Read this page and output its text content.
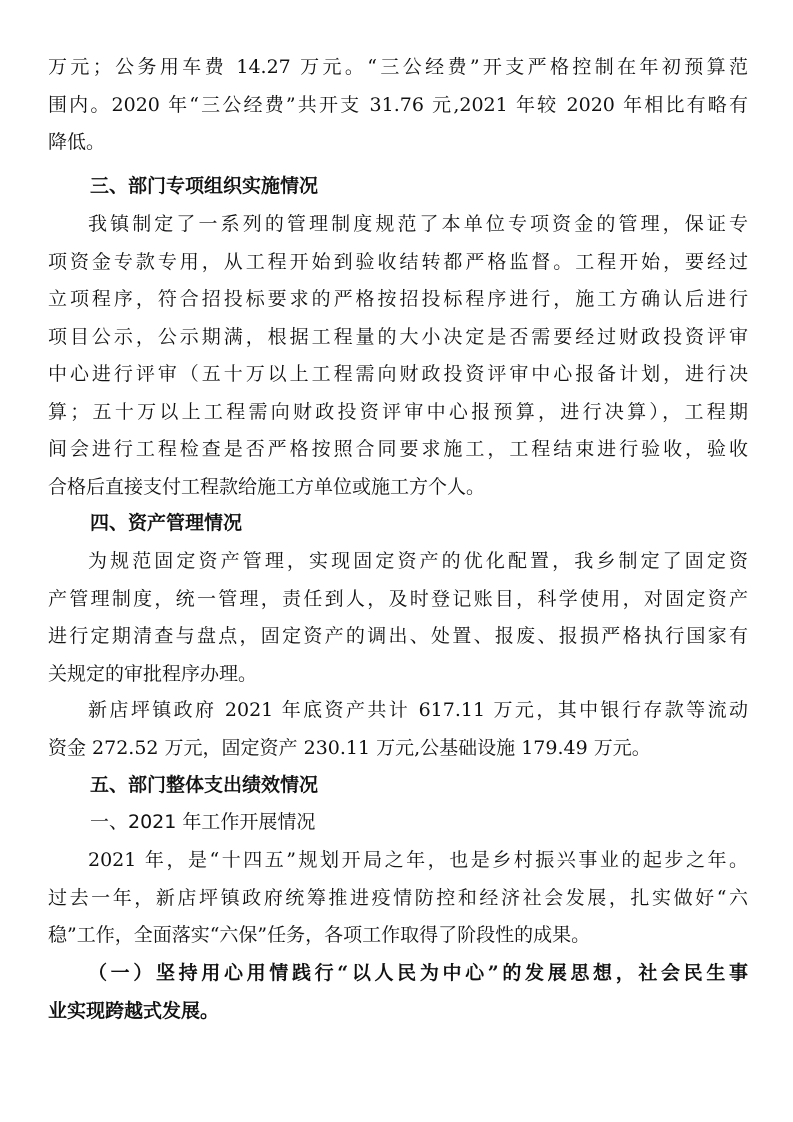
万元；公务用车费 14.27 万元。“三公经费”开支严格控制在年初预算范
围内。2020 年“三公经费”共开支 31.76 元,2021 年较 2020 年相比有略有
降低。
三、部门专项组织实施情况
我镇制定了一系列的管理制度规范了本单位专项资金的管理，保证专
项资金专款专用，从工程开始到验收结转都严格监督。工程开始，要经过
立项程序，符合招投标要求的严格按招投标程序进行，施工方确认后进行
项目公示，公示期满，根据工程量的大小决定是否需要经过财政投资评审
中心进行评审（五十万以上工程需向财政投资评审中心报备计划，进行决
算；五十万以上工程需向财政投资评审中心报预算，进行决算），工程期
间会进行工程检查是否严格按照合同要求施工，工程结束进行验收，验收
合格后直接支付工程款给施工方单位或施工方个人。
四、资产管理情况
为规范固定资产管理，实现固定资产的优化配置，我乡制定了固定资
产管理制度，统一管理，责任到人，及时登记账目，科学使用，对固定资产
进行定期清查与盘点，固定资产的调出、处置、报废、报损严格执行国家有
关规定的审批程序办理。
新店坪镇政府 2021 年底资产共计 617.11 万元，其中银行存款等流动
资金 272.52 万元，固定资产 230.11 万元,公基础设施 179.49 万元。
五、部门整体支出绩效情况
一、2021 年工作开展情况
2021 年，是“十四五”规划开局之年，也是乡村振兴事业的起步之年。
过去一年，新店坪镇政府统筹推进疫情防控和经济社会发展，扎实做好“六
稳”工作，全面落实“六保”任务，各项工作取得了阶段性的成果。
（一）坚持用心用情践行“以人民为中心”的发展思想，社会民生事
业实现跨越式发展。
